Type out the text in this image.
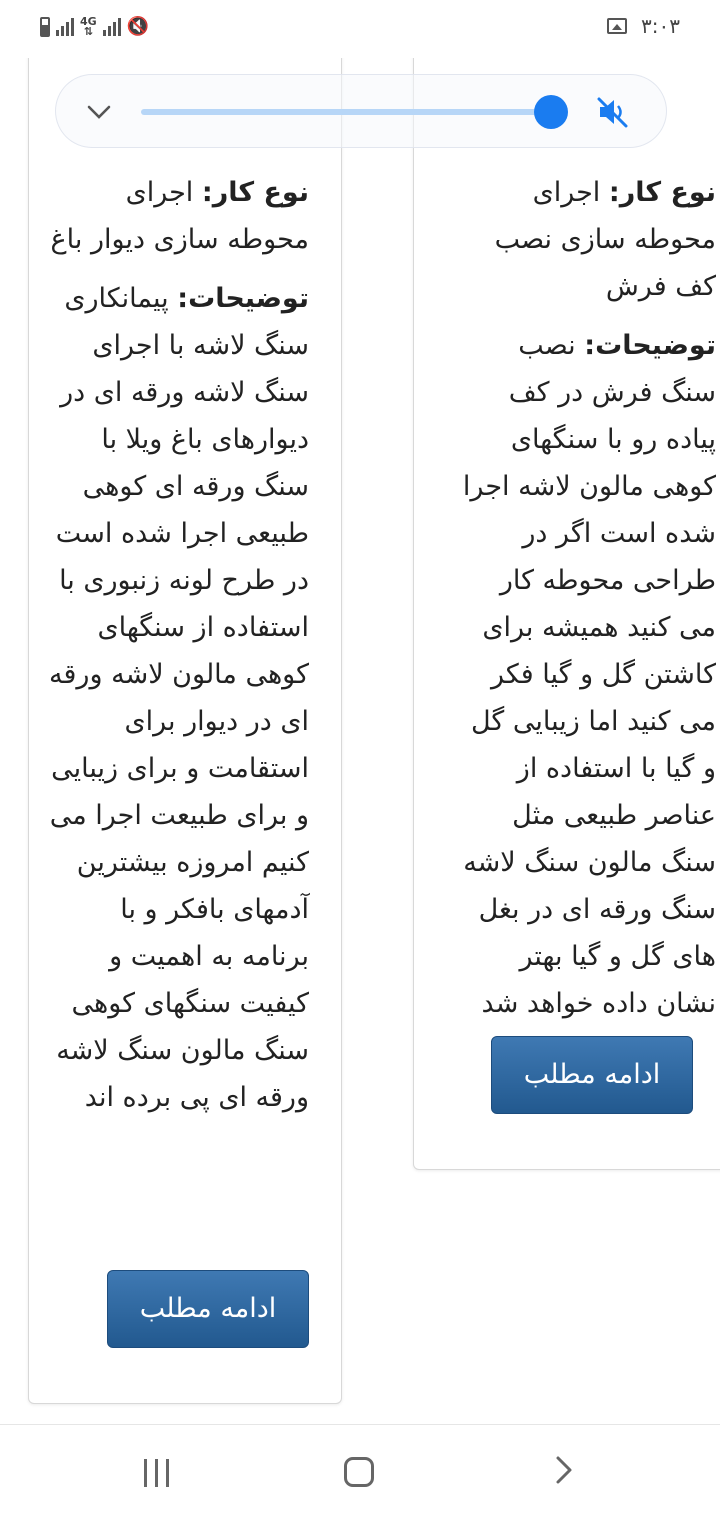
4G
⇅ 🔇	۳:۰۳

نوع کار: اجرای محوطه سازی دیوار باغ

توضیحات: پیمانکاری سنگ لاشه با اجرای سنگ لاشه ورقه ای در دیوارهای باغ ویلا با سنگ ورقه ای کوهی طبیعی اجرا شده است در طرح لونه زنبوری با استفاده از سنگهای کوهی مالون لاشه ورقه ای در دیوار برای استقامت و برای زیبایی و برای طبیعت اجرا می کنیم امروزه بیشترین آدمهای بافکر و با برنامه به اهمیت و کیفیت سنگهای کوهی سنگ مالون سنگ لاشه ورقه ای پی برده اند
ادامه مطلب

نوع کار: اجرای محوطه سازی نصب کف فرش

توضیحات: نصب سنگ فرش در کف پیاده رو با سنگهای کوهی مالون لاشه اجرا شده است اگر در طراحی محوطه کار می کنید همیشه برای کاشتن گل و گیا فکر می کنید اما زیبایی گل و گیا با استفاده از عناصر طبیعی مثل سنگ مالون سنگ لاشه سنگ ورقه ای در بغل های گل و گیا بهتر نشان داده خواهد شد
ادامه مطلب
